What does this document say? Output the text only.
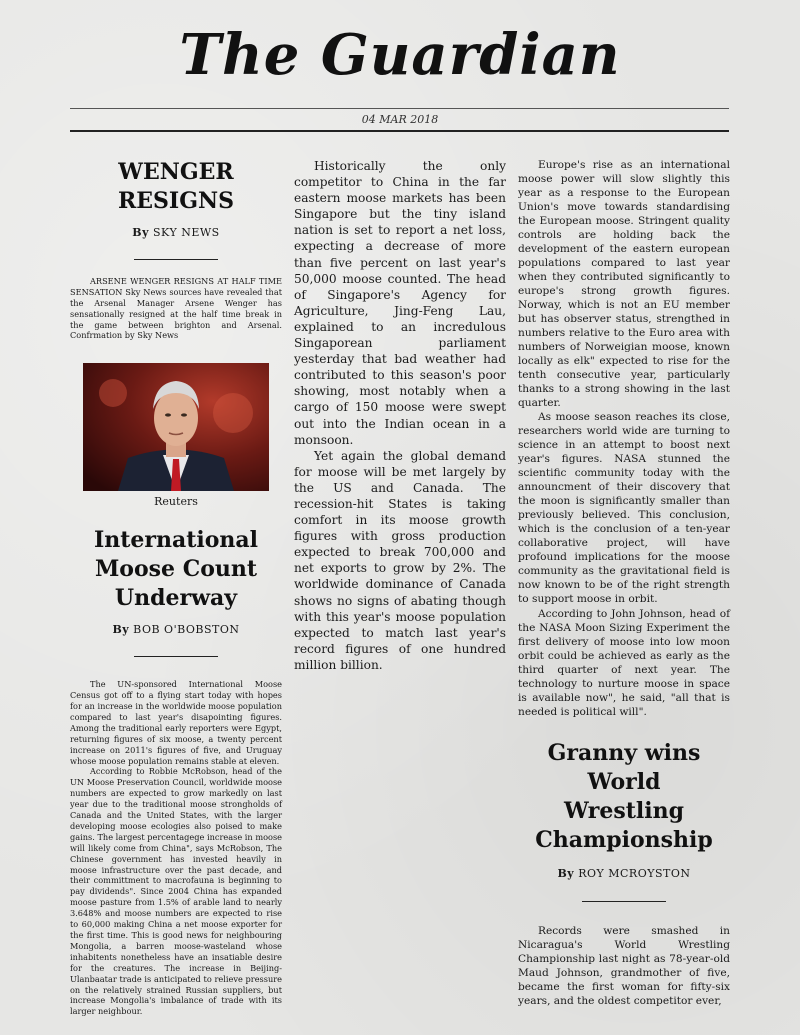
The Guardian
04 MAR 2018
WENGER RESIGNS
By SKY NEWS

ARSENE WENGER RESIGNS AT HALF TIME SENSATION Sky News sources have revealed that the Arsenal Manager Arsene Wenger has sensationally resigned at the half time break in the game between brighton and Arsenal. Confrmation by Sky News

Reuters
International Moose Count Underway
By BOB O'BOBSTON

The UN-sponsored International Moose Census got off to a flying start today with hopes for an increase in the worldwide moose population compared to last year's disapointing figures. Among the traditional early reporters were Egypt, returning figures of six moose, a twenty percent increase on 2011's figures of five, and Uruguay whose moose population remains stable at eleven.

According to Robbie McRobson, head of the UN Moose Preservation Council, worldwide moose numbers are expected to grow markedly on last year due to the traditional moose strongholds of Canada and the United States, with the larger developing moose ecologies also poised to make gains. The largest percentagege increase in moose will likely come from China", says McRobson, The Chinese government has invested heavily in moose infrastructure over the past decade, and their committment to macrofauna is beginning to pay dividends". Since 2004 China has expanded moose pasture from 1.5% of arable land to nearly 3.648% and moose numbers are expected to rise to 60,000 making China a net moose exporter for the first time. This is good news for neighbouring Mongolia, a barren moose-wasteland whose inhabitents nonetheless have an insatiable desire for the creatures. The increase in Beijing-Ulanbaatar trade is anticipated to relieve pressure on the relatively strained Russian suppliers, but increase Mongolia's imbalance of trade with its larger neighbour.

Historically the only competitor to China in the far eastern moose markets has been Singapore but the tiny island nation is set to report a net loss, expecting a decrease of more than five percent on last year's 50,000 moose counted. The head of Singapore's Agency for Agriculture, Jing-Feng Lau, explained to an incredulous Singaporean parliament yesterday that bad weather had contributed to this season's poor showing, most notably when a cargo of 150 moose were swept out into the Indian ocean in a monsoon.

Yet again the global demand for moose will be met largely by the US and Canada. The recession-hit States is taking comfort in its moose growth figures with gross production expected to break 700,000 and net exports to grow by 2%. The worldwide dominance of Canada shows no signs of abating though with this year's moose population expected to match last year's record figures of one hundred million billion.

Europe's rise as an international moose power will slow slightly this year as a response to the European Union's move towards standardising the European moose. Stringent quality controls are holding back the development of the eastern european populations compared to last year when they contributed significantly to europe's strong growth figures. Norway, which is not an EU member but has observer status, strengthed in numbers relative to the Euro area with numbers of Norweigian moose, known locally as elk" expected to rise for the tenth consecutive year, particularly thanks to a strong showing in the last quarter.

As moose season reaches its close, researchers world wide are turning to science in an attempt to boost next year's figures. NASA stunned the scientific community today with the announcment of their discovery that the moon is significantly smaller than previously believed. This conclusion, which is the conclusion of a ten-year collaborative project, will have profound implications for the moose community as the gravitational field is now known to be of the right strength to support moose in orbit.

According to John Johnson, head of the NASA Moon Sizing Experiment the first delivery of moose into low moon orbit could be achieved as early as the third quarter of next year. The technology to nurture moose in space is available now", he said, "all that is needed is political will".

Granny wins World Wrestling Championship
By ROY MCROYSTON

Records were smashed in Nicaragua's World Wrestling Championship last night as 78-year-old Maud Johnson, grandmother of five, became the first woman for fifty-six years, and the oldest competitor ever,
